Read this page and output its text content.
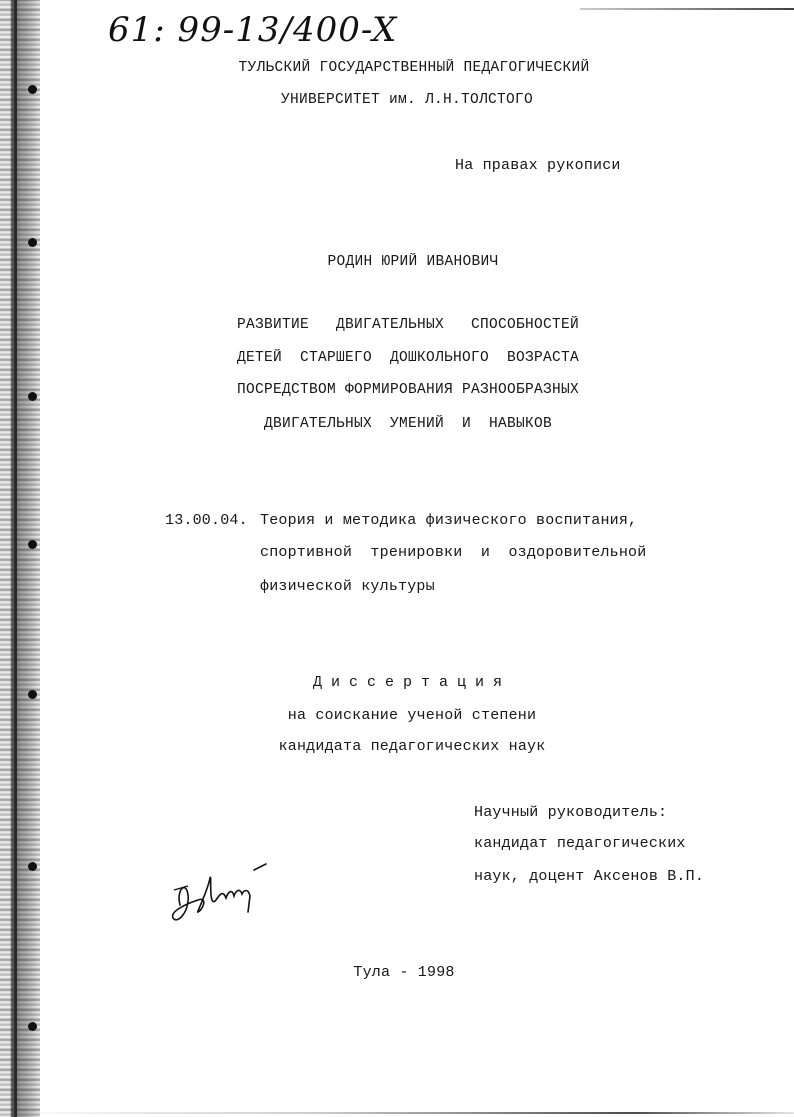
61: 99-13/400-X
ТУЛЬСКИЙ ГОСУДАРСТВЕННЫЙ ПЕДАГОГИЧЕСКИЙ
УНИВЕРСИТЕТ им. Л.Н.ТОЛСТОГО
На правах рукописи
РОДИН ЮРИЙ ИВАНОВИЧ
РАЗВИТИЕ   ДВИГАТЕЛЬНЫХ   СПОСОБНОСТЕЙ
ДЕТЕЙ  СТАРШЕГО  ДОШКОЛЬНОГО  ВОЗРАСТА
ПОСРЕДСТВОМ ФОРМИРОВАНИЯ РАЗНООБРАЗНЫХ
ДВИГАТЕЛЬНЫХ  УМЕНИЙ  И  НАВЫКОВ
13.00.04. Теория и методика физического воспитания,
спортивной  тренировки  и  оздоровительной
физической культуры
Диссертация
на соискание ученой степени
кандидата педагогических наук
Научный руководитель:
кандидат педагогических
наук, доцент Аксенов В.П.
Тула - 1998
